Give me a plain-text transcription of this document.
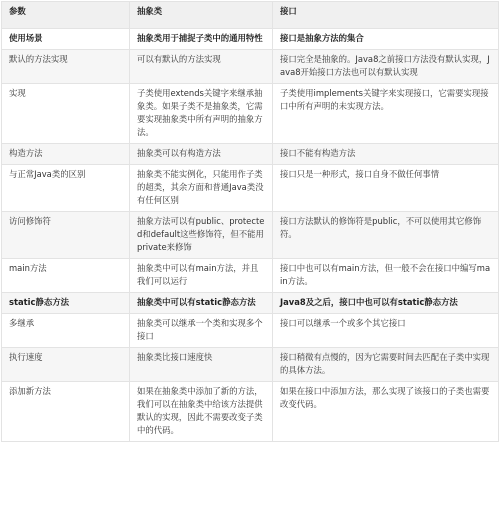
参数	抽象类	接口
使用场景	抽象类用于捕捉子类中的通用特性	接口是抽象方法的集合
默认的方法实现	可以有默认的方法实现	接口完全是抽象的。Java8之前接口方法没有默认实现，Java8开始接口方法也可以有默认实现
实现	子类使用extends关键字来继承抽象类。如果子类不是抽象类，它需要实现抽象类中所有声明的抽象方法。	子类使用implements关键字来实现接口，它需要实现接口中所有声明的未实现方法。
构造方法	抽象类可以有构造方法	接口不能有构造方法
与正常Java类的区别	抽象类不能实例化，只能用作子类的超类，其余方面和普通Java类没有任何区别	接口只是一种形式，接口自身不做任何事情
访问修饰符	抽象方法可以有public、protected和default这些修饰符，但不能用private来修饰	接口方法默认的修饰符是public，不可以使用其它修饰符。
main方法	抽象类中可以有main方法，并且我们可以运行	接口中也可以有main方法，但一般不会在接口中编写main方法。
static静态方法	抽象类中可以有static静态方法	Java8及之后，接口中也可以有static静态方法
多继承	抽象类可以继承一个类和实现多个接口	接口可以继承一个或多个其它接口
执行速度	抽象类比接口速度快	接口稍微有点慢的，因为它需要时间去匹配在子类中实现的具体方法。
添加新方法	如果在抽象类中添加了新的方法，我们可以在抽象类中给该方法提供默认的实现，因此不需要改变子类中的代码。	如果在接口中添加方法，那么实现了该接口的子类也需要改变代码。
